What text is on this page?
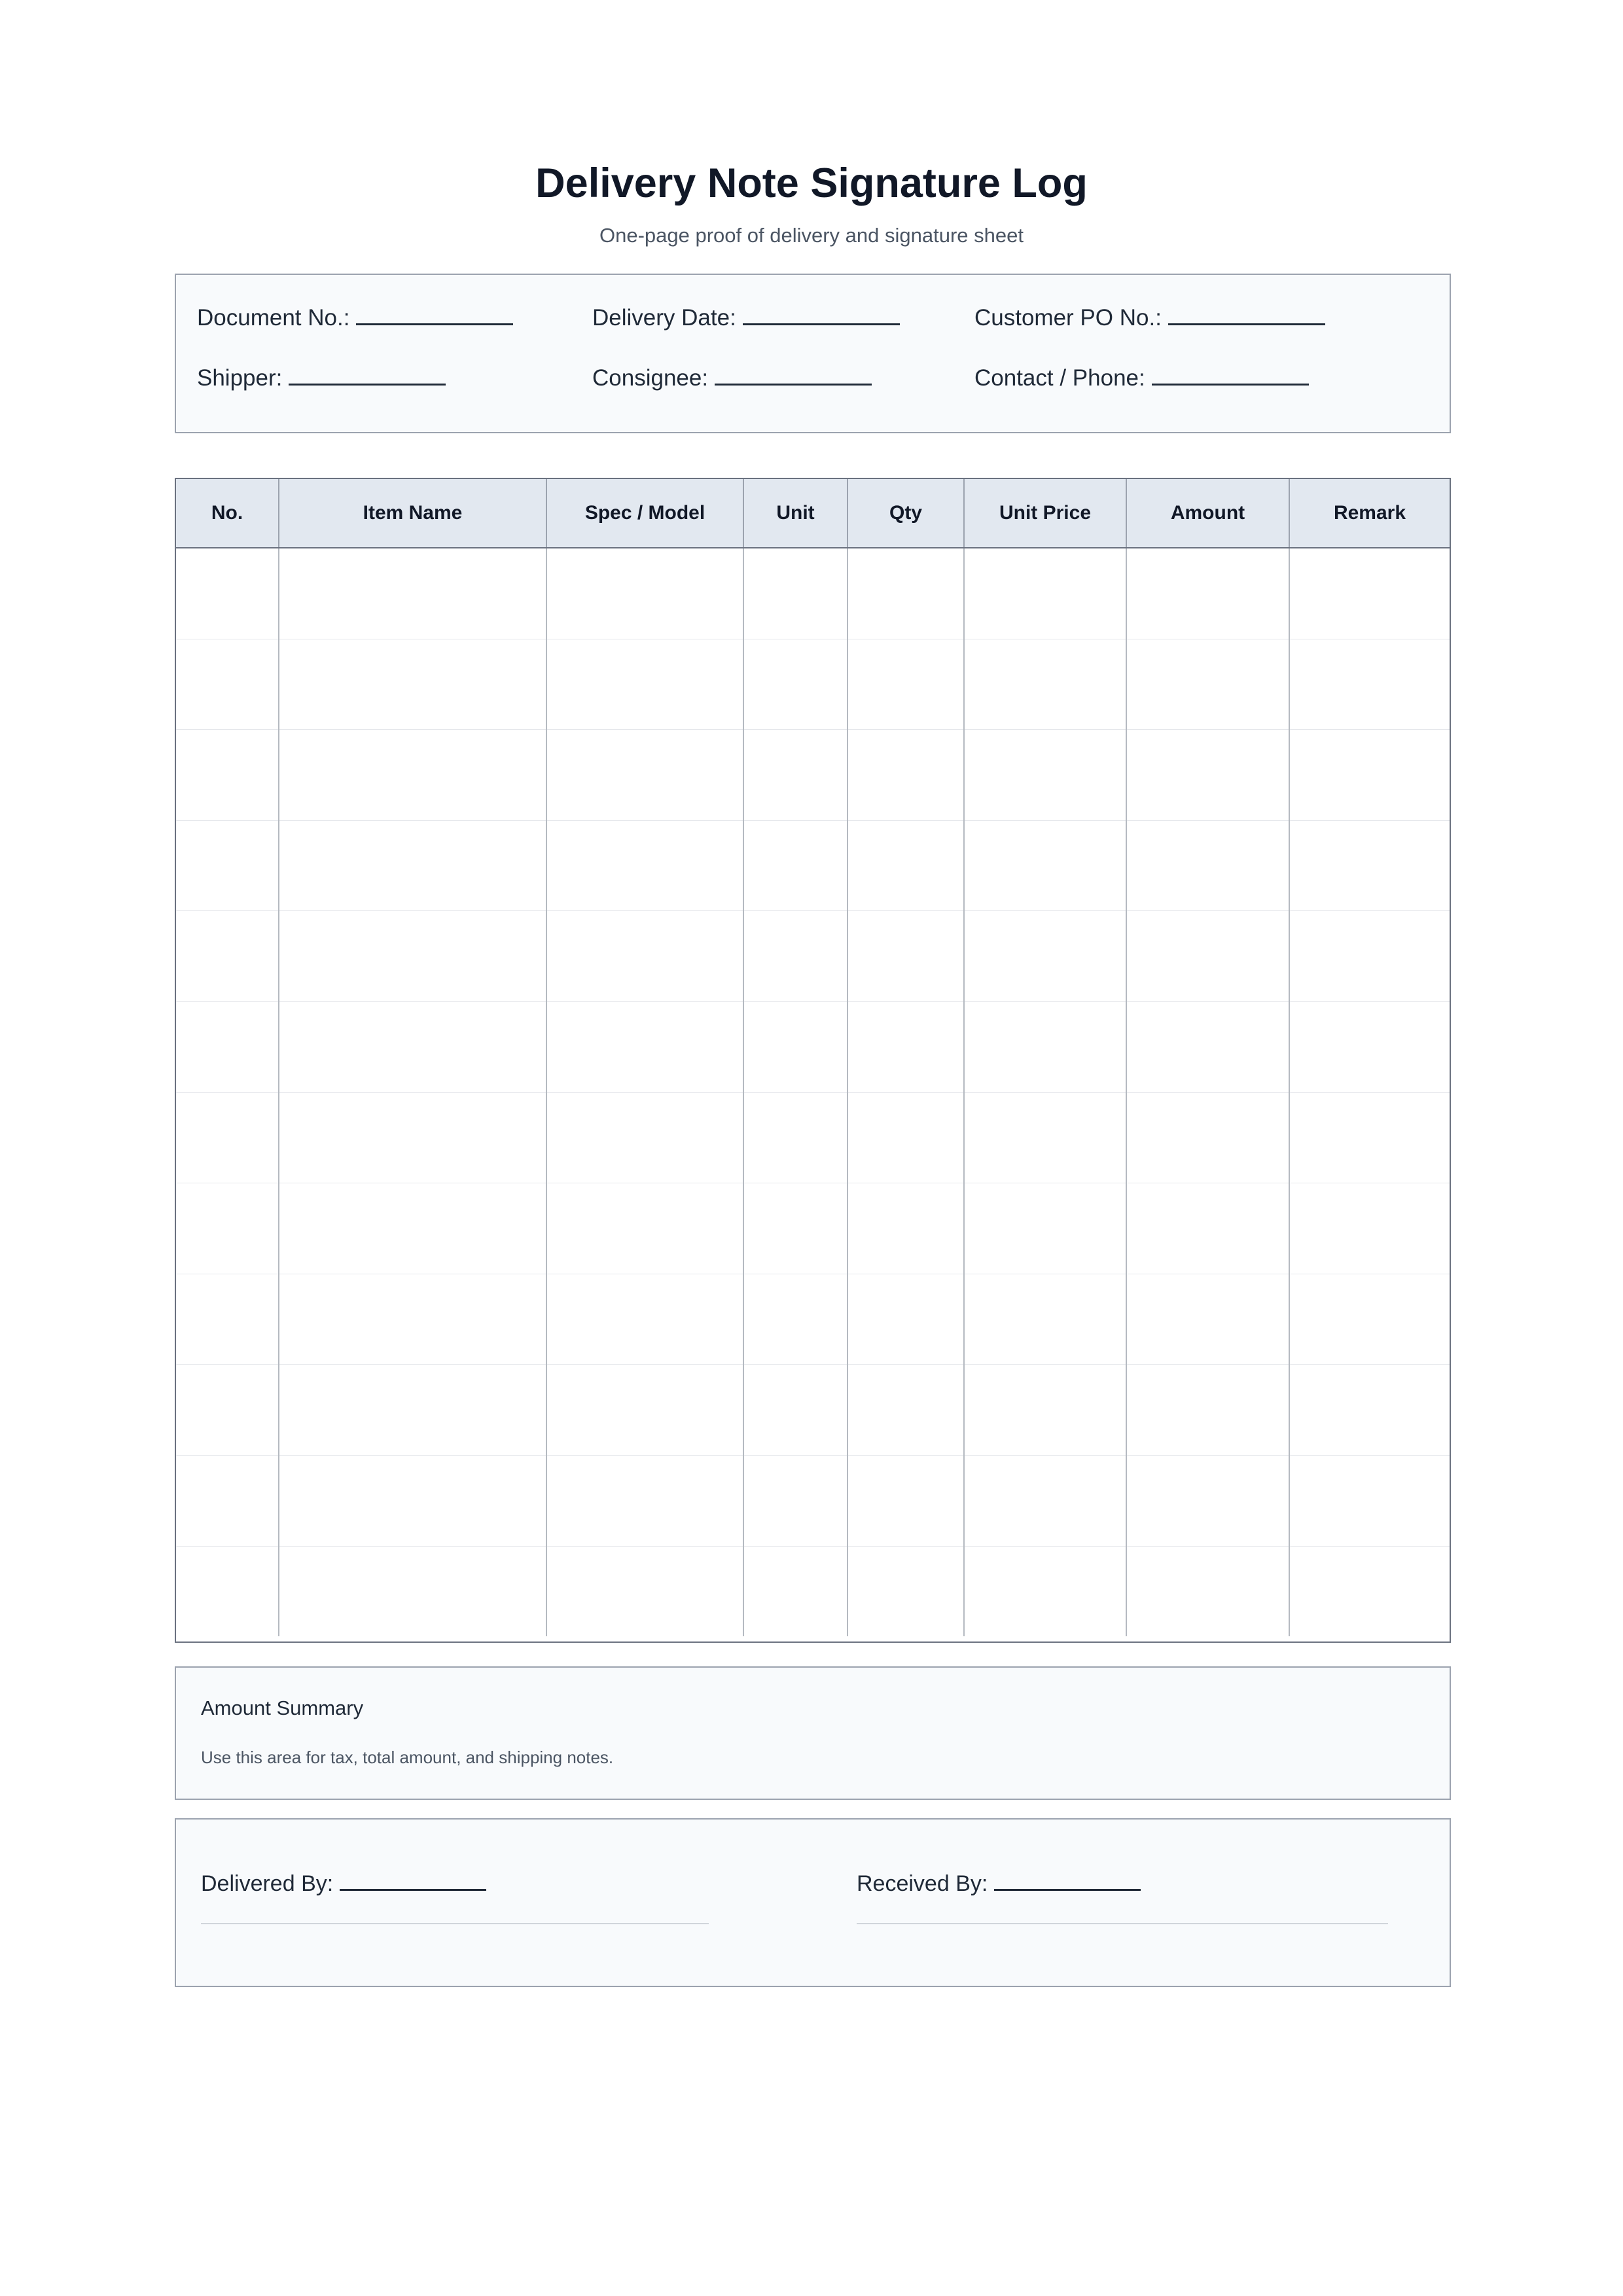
Delivery Note Signature Log
One-page proof of delivery and signature sheet
Document No.:	Delivery Date:	Customer PO No.:
Shipper:	Consignee:	Contact / Phone:
No.	Item Name	Spec / Model	Unit	Qty	Unit Price	Amount	Remark

Amount Summary
Use this area for tax, total amount, and shipping notes.
Delivered By:	Received By:
